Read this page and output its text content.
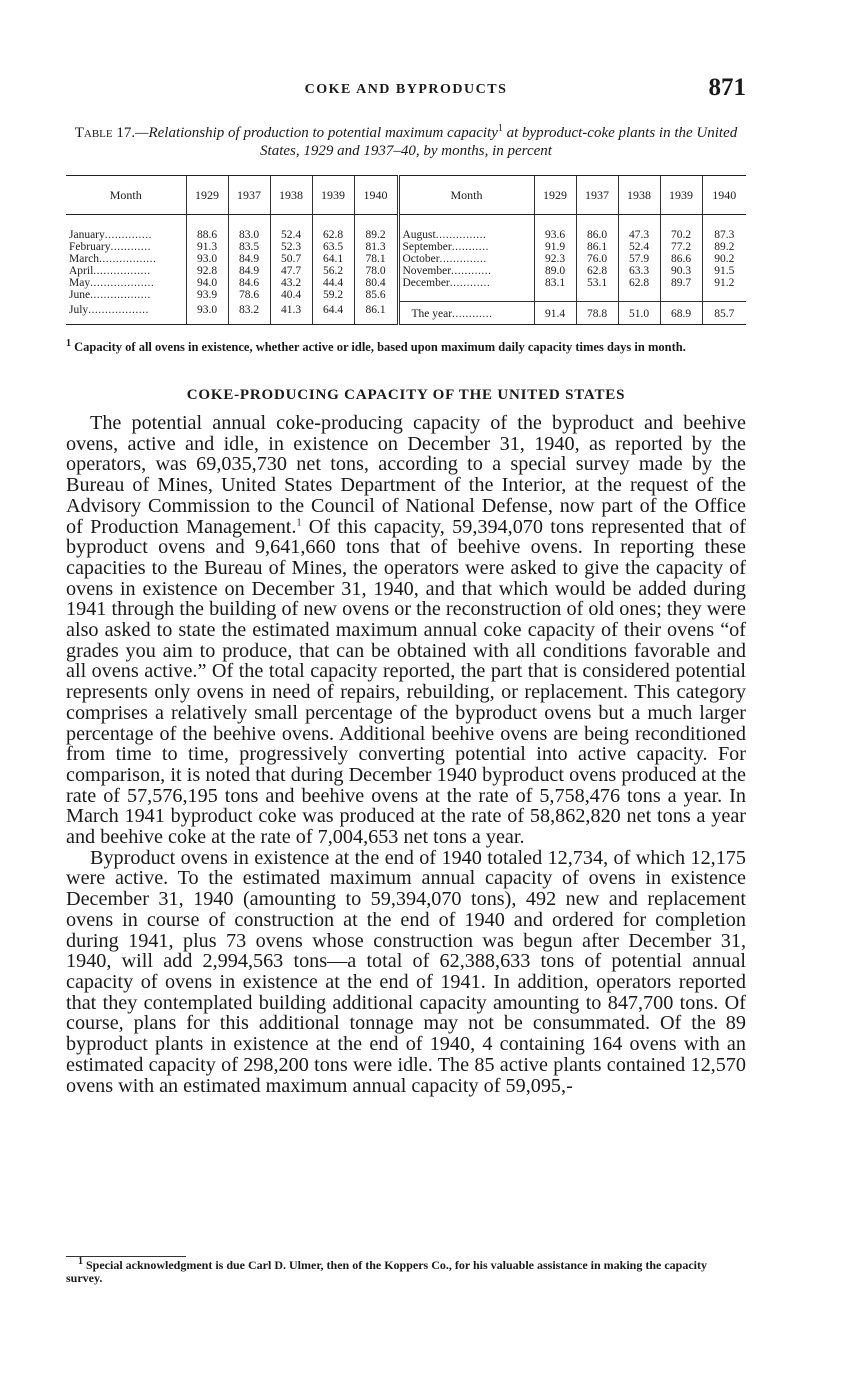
COKE AND BYPRODUCTS	871
Table 17.—Relationship of production to potential maximum capacity$^1$ at byproduct-coke plants in the United States, 1929 and 1937–40, by months, in percent
Month	1929	1937	1938	1939	1940	Month	1929	1937	1938	1939	1940
January..............	88.6	83.0	52.4	62.8	89.2	August...............	93.6	86.0	47.3	70.2	87.3
February............	91.3	83.5	52.3	63.5	81.3	September...........	91.9	86.1	52.4	77.2	89.2
March.................	93.0	84.9	50.7	64.1	78.1	October..............	92.3	76.0	57.9	86.6	90.2
April.................	92.8	84.9	47.7	56.2	78.0	November............	89.0	62.8	63.3	90.3	91.5
May...................	94.0	84.6	43.2	44.4	80.4	December............	83.1	53.1	62.8	89.7	91.2
June..................	93.9	78.6	40.4	59.2	85.6						
July..................	93.0	83.2	41.3	64.4	86.1	The year............	91.4	78.8	51.0	68.9	85.7
$^1$ Capacity of all ovens in existence, whether active or idle, based upon maximum daily capacity times days in month.
COKE-PRODUCING CAPACITY OF THE UNITED STATES

The potential annual coke-producing capacity of the byproduct and beehive ovens, active and idle, in existence on December 31, 1940, as reported by the operators, was 69,035,730 net tons, according to a special survey made by the Bureau of Mines, United States Department of the Interior, at the request of the Advisory Commission to the Council of National Defense, now part of the Office of Production Management.$^1$ Of this capacity, 59,394,070 tons represented that of byproduct ovens and 9,641,660 tons that of beehive ovens. In reporting these capacities to the Bureau of Mines, the operators were asked to give the capacity of ovens in existence on December 31, 1940, and that which would be added during 1941 through the building of new ovens or the reconstruction of old ones; they were also asked to state the estimated maximum annual coke capacity of their ovens “of grades you aim to produce, that can be obtained with all conditions favorable and all ovens active.” Of the total capacity reported, the part that is considered potential represents only ovens in need of repairs, rebuilding, or replacement. This category comprises a relatively small percentage of the byproduct ovens but a much larger percentage of the beehive ovens. Additional beehive ovens are being reconditioned from time to time, progressively converting potential into active capacity. For comparison, it is noted that during December 1940 byproduct ovens produced at the rate of 57,576,195 tons and beehive ovens at the rate of 5,758,476 tons a year. In March 1941 byproduct coke was produced at the rate of 58,862,820 net tons a year and beehive coke at the rate of 7,004,653 net tons a year.

Byproduct ovens in existence at the end of 1940 totaled 12,734, of which 12,175 were active. To the estimated maximum annual capacity of ovens in existence December 31, 1940 (amounting to 59,394,070 tons), 492 new and replacement ovens in course of construction at the end of 1940 and ordered for completion during 1941, plus 73 ovens whose construction was begun after December 31, 1940, will add 2,994,563 tons—a total of 62,388,633 tons of potential annual capacity of ovens in existence at the end of 1941. In addition, operators reported that they contemplated building additional capacity amounting to 847,700 tons. Of course, plans for this additional tonnage may not be consummated. Of the 89 byproduct plants in existence at the end of 1940, 4 containing 164 ovens with an estimated capacity of 298,200 tons were idle. The 85 active plants contained 12,570 ovens with an estimated maximum annual capacity of 59,095,-

$^1$ Special acknowledgment is due Carl D. Ulmer, then of the Koppers Co., for his valuable assistance in making the capacity survey.
